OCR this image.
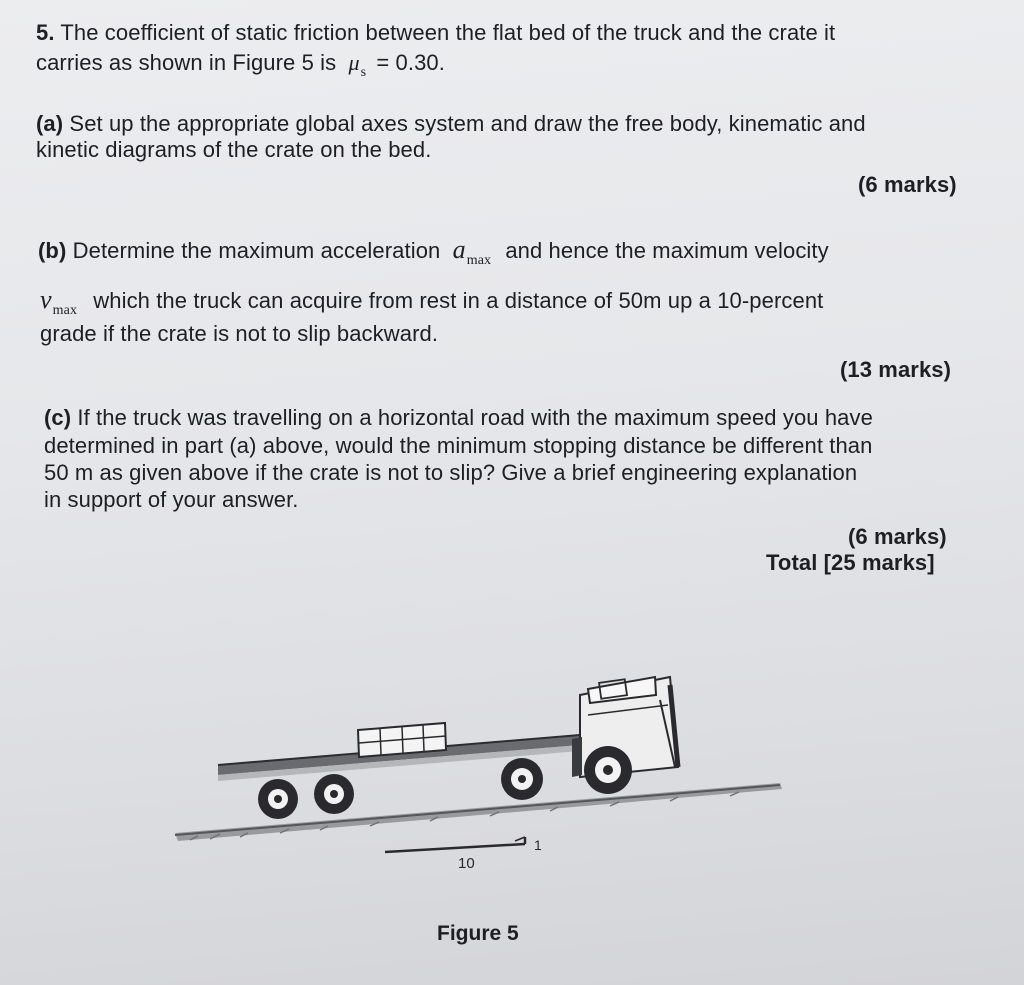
5. The coefficient of static friction between the flat bed of the truck and the crate it
carries as shown in Figure 5 is $\mu_s = 0.30$.
(a) Set up the appropriate global axes system and draw the free body, kinematic and
kinetic diagrams of the crate on the bed.
(6 marks)
(b) Determine the maximum acceleration $a_{max}$ and hence the maximum velocity
$v_{max}$ which the truck can acquire from rest in a distance of 50m up a 10-percent
grade if the crate is not to slip backward.
(13 marks)
(c) If the truck was travelling on a horizontal road with the maximum speed you have
determined in part (a) above, would the minimum stopping distance be different than
50 m as given above if the crate is not to slip? Give a brief engineering explanation
in support of your answer.
(6 marks)
Total [25 marks]
10
1
Figure 5
